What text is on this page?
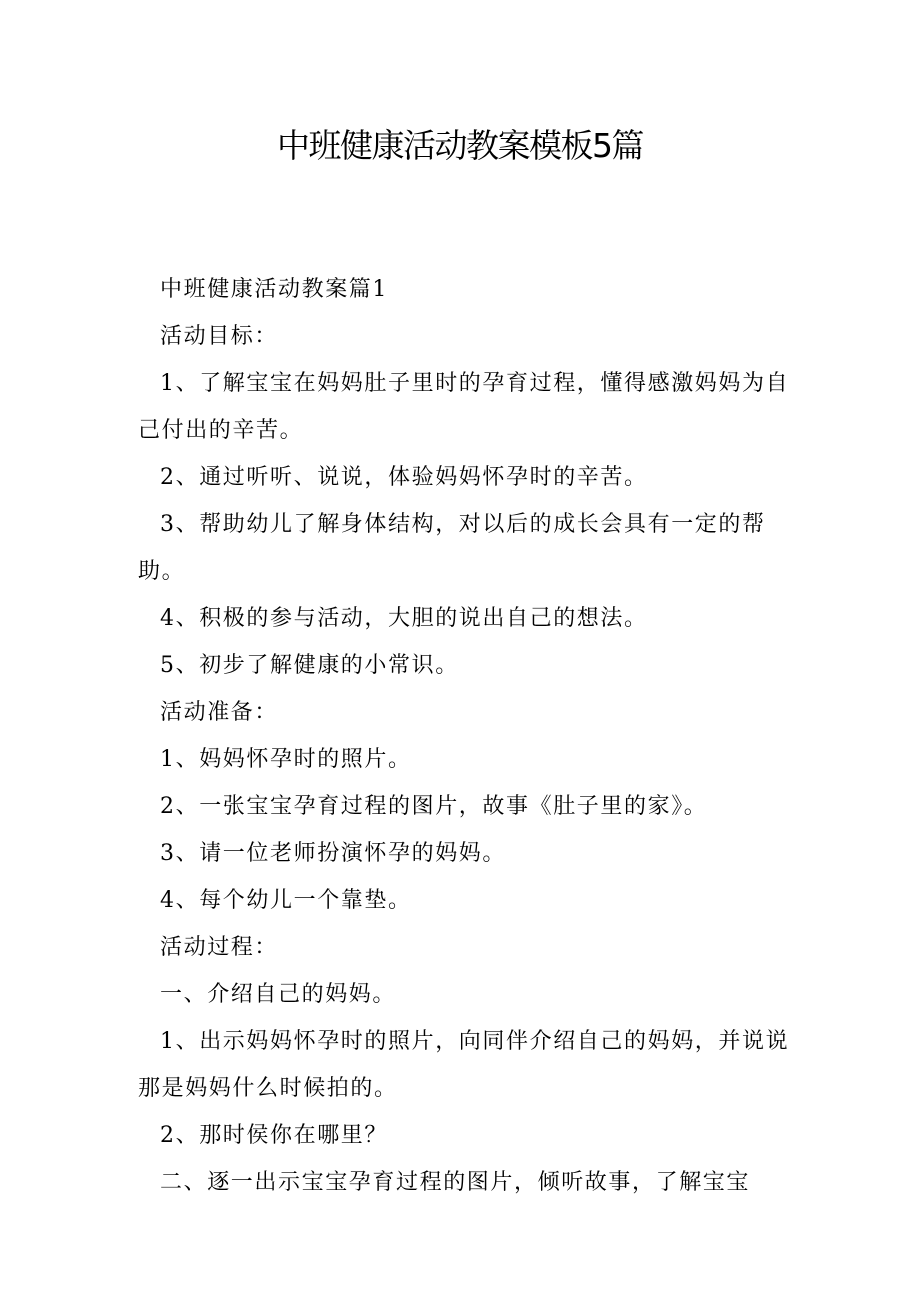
中班健康活动教案模板5篇

中班健康活动教案篇1

活动目标：

1、了解宝宝在妈妈肚子里时的孕育过程，懂得感激妈妈为自己付出的辛苦。

2、通过听听、说说，体验妈妈怀孕时的辛苦。

3、帮助幼儿了解身体结构，对以后的成长会具有一定的帮助。

4、积极的参与活动，大胆的说出自己的想法。

5、初步了解健康的小常识。

活动准备：

1、妈妈怀孕时的照片。

2、一张宝宝孕育过程的图片，故事《肚子里的家》。

3、请一位老师扮演怀孕的妈妈。

4、每个幼儿一个靠垫。

活动过程：

一、介绍自己的妈妈。

1、出示妈妈怀孕时的照片，向同伴介绍自己的妈妈，并说说那是妈妈什么时候拍的。

2、那时侯你在哪里？

二、逐一出示宝宝孕育过程的图片，倾听故事，了解宝宝
